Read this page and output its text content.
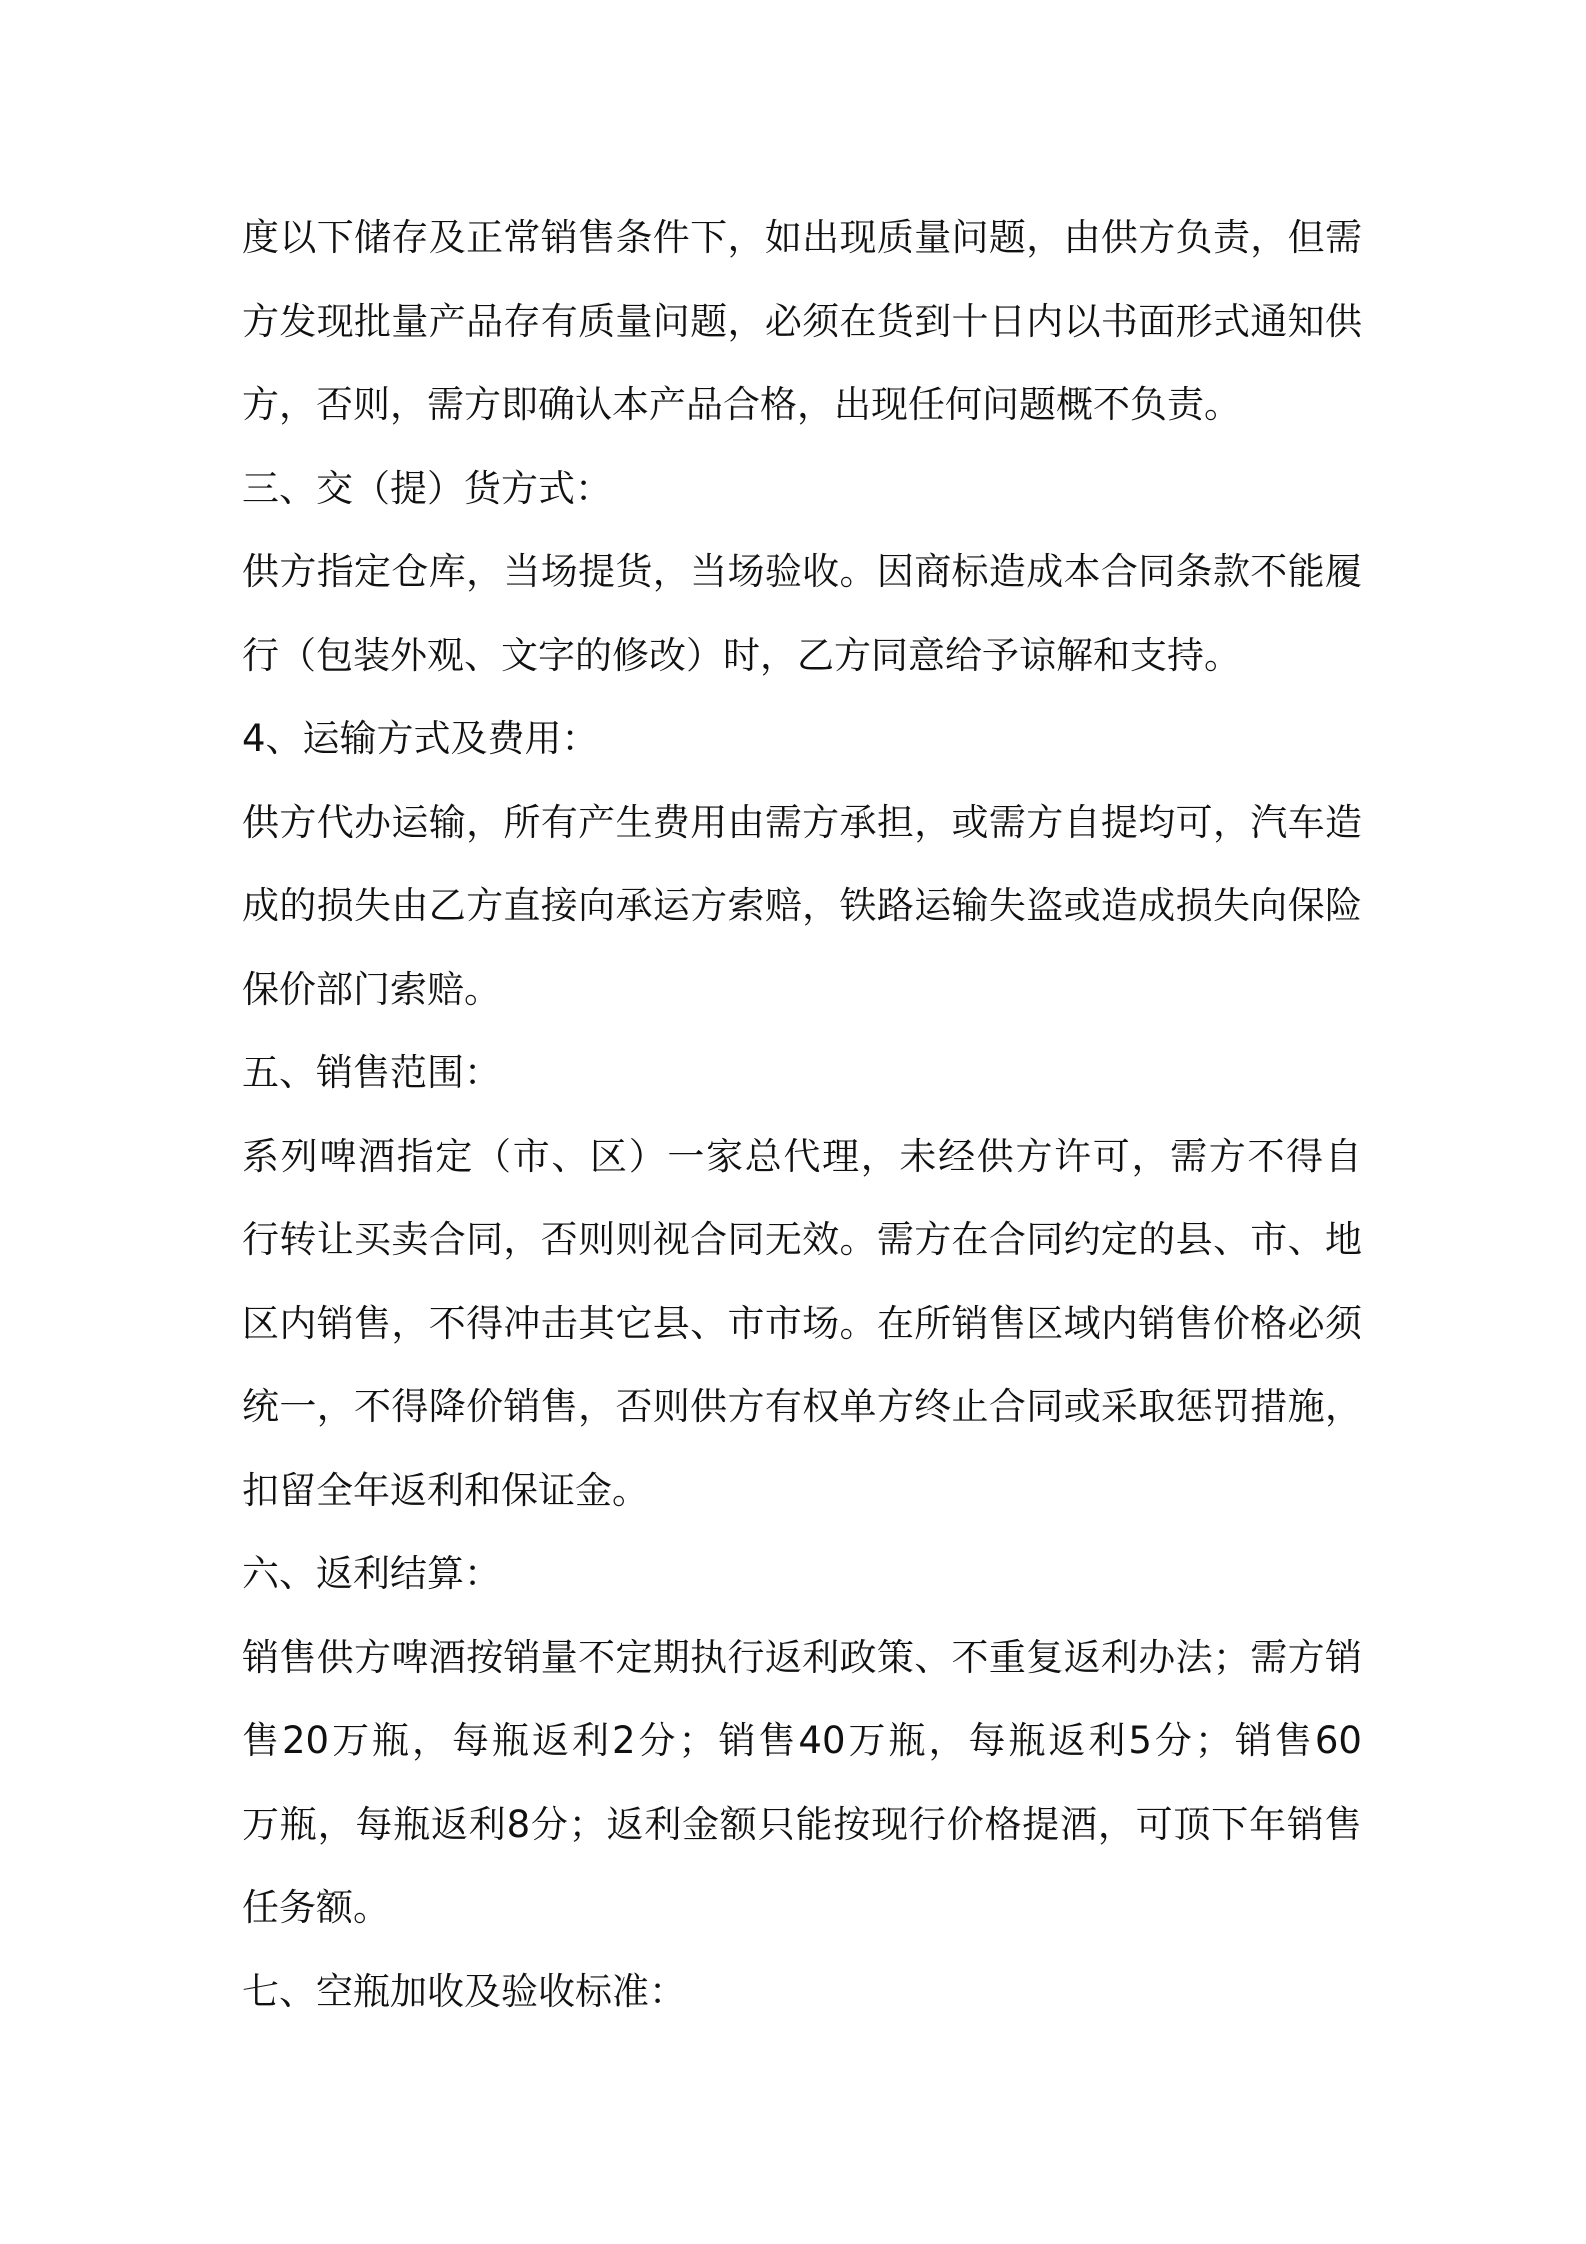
度 以 下 储 存 及 正 常 销 售 条 件 下 ， 如 出 现 质 量 问 题 ， 由 供 方 负 责 ， 但 需
方 发 现 批 量 产 品 存 有 质 量 问 题 ， 必 须 在 货 到 十 日 内 以 书 面 形 式 通 知 供
方，否则，需方即确认本产品合格，出现任何问题概不负责。
三、交（提）货方式：
供 方 指 定 仓 库 ， 当 场 提 货 ， 当 场 验 收 。 因 商 标 造 成 本 合 同 条 款 不 能 履
行（包装外观、文字的修改）时，乙方同意给予谅解和支持。
4、运输方式及费用：
供 方 代 办 运 输 ， 所 有 产 生 费 用 由 需 方 承 担 ， 或 需 方 自 提 均 可 ， 汽 车 造
成 的 损 失 由 乙 方 直 接 向 承 运 方 索 赔 ， 铁 路 运 输 失 盗 或 造 成 损 失 向 保 险
保价部门索赔。
五、销售范围：
系 列 啤 酒 指 定 （ 市 、 区 ） 一 家 总 代 理 ， 未 经 供 方 许 可 ， 需 方 不 得 自
行 转 让 买 卖 合 同 ， 否 则 则 视 合 同 无 效 。 需 方 在 合 同 约 定 的 县 、 市 、 地
区 内 销 售 ， 不 得 冲 击 其 它 县 、 市 市 场 。 在 所 销 售 区 域 内 销 售 价 格 必 须
统 一 ， 不 得 降 价 销 售 ， 否 则 供 方 有 权 单 方 终 止 合 同 或 采 取 惩 罚 措 施 ，
扣留全年返利和保证金。
六、返利结算：
销 售 供 方 啤 酒 按 销 量 不 定 期 执 行 返 利 政 策 、 不 重 复 返 利 办 法 ； 需 方 销
售 20 万 瓶 ， 每 瓶 返 利 2 分 ； 销 售 40 万 瓶 ， 每 瓶 返 利 5 分 ； 销 售 60
万 瓶 ， 每 瓶 返 利 8 分 ； 返 利 金 额 只 能 按 现 行 价 格 提 酒 ， 可 顶 下 年 销 售
任务额。
七、空瓶加收及验收标准：
